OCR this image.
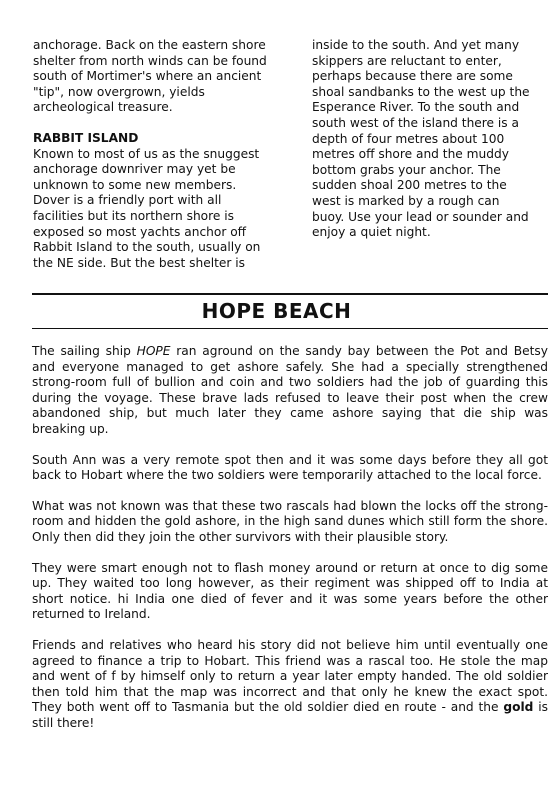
anchorage. Back on the eastern shore shelter from north winds can be found south of Mortimer's where an ancient "tip", now overgrown, yields archeological treasure.

RABBIT ISLAND

Known to most of us as the snuggest anchorage downriver may yet be unknown to some new members. Dover is a friendly port with all facilities but its northern shore is exposed so most yachts anchor off Rabbit Island to the south, usually on the NE side. But the best shelter is

inside to the south. And yet many skippers are reluctant to enter, perhaps because there are some shoal sandbanks to the west up the Esperance River. To the south and south west of the island there is a depth of four metres about 100 metres off shore and the muddy bottom grabs your anchor. The sudden shoal 200 metres to the west is marked by a rough can buoy. Use your lead or sounder and enjoy a quiet night.

HOPE BEACH

The sailing ship HOPE ran aground on the sandy bay between the Pot and Betsy and everyone managed to get ashore safely. She had a specially strengthened strong-room full of bullion and coin and two soldiers had the job of guarding this during the voyage. These brave lads refused to leave their post when the crew abandoned ship, but much later they came ashore saying that die ship was breaking up.

South Ann was a very remote spot then and it was some days before they all got back to Hobart where the two soldiers were temporarily attached to the local force.

What was not known was that these two rascals had blown the locks off the strong-room and hidden the gold ashore, in the high sand dunes which still form the shore. Only then did they join the other survivors with their plausible story.

They were smart enough not to flash money around or return at once to dig some up. They waited too long however, as their regiment was shipped off to India at short notice. hi India one died of fever and it was some years before the other returned to Ireland.

Friends and relatives who heard his story did not believe him until eventually one agreed to finance a trip to Hobart. This friend was a rascal too. He stole the map and went of f by himself only to return a year later empty handed. The old soldier then told him that the map was incorrect and that only he knew the exact spot. They both went off to Tasmania but the old soldier died en route - and the gold is still there!
